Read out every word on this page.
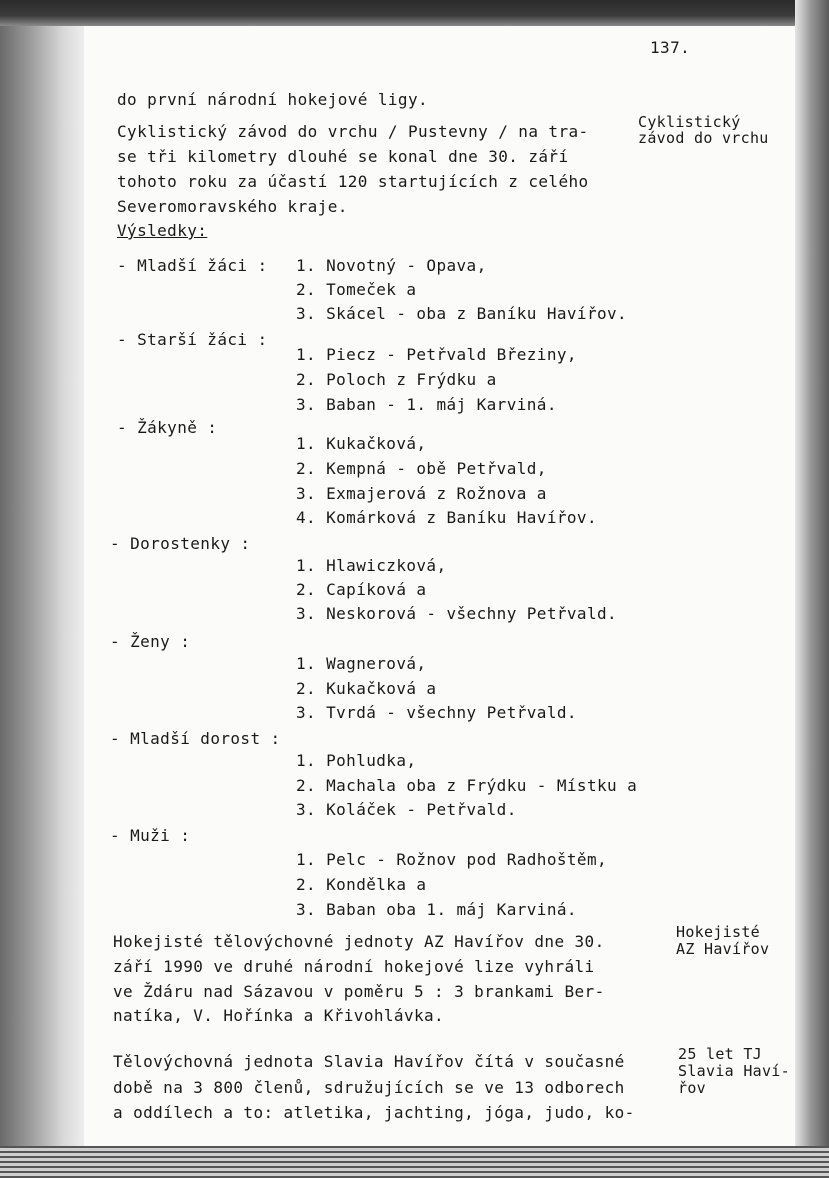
137.
do první národní hokejové ligy.
Cyklistický závod do vrchu / Pustevny / na tra-
se tři kilometry dlouhé se konal dne 30. září
tohoto roku za účastí 120 startujících z celého
Severomoravského kraje.
Výsledky:
- Mladší žáci : 1. Novotný - Opava,
2. Tomeček a
3. Skácel - oba z Baníku Havířov.
- Starší žáci :
1. Piecz - Petřvald Březiny,
2. Poloch z Frýdku a
3. Baban - 1. máj Karviná.
- Žákyně :
1. Kukačková,
2. Kempná - obě Petřvald,
3. Exmajerová z Rožnova a
4. Komárková z Baníku Havířov.
- Dorostenky :
1. Hlawiczková,
2. Capíková a
3. Neskorová - všechny Petřvald.
- Ženy :
1. Wagnerová,
2. Kukačková a
3. Tvrdá - všechny Petřvald.
- Mladší dorost :
1. Pohludka,
2. Machala oba z Frýdku - Místku a
3. Koláček - Petřvald.
- Muži :
1. Pelc - Rožnov pod Radhoštěm,
2. Kondělka a
3. Baban oba 1. máj Karviná.
Hokejisté tělovýchovné jednoty AZ Havířov dne 30.
září 1990 ve druhé národní hokejové lize vyhráli
ve Ždáru nad Sázavou v poměru 5 : 3 brankami Ber-
natíka, V. Hořínka a Křivohlávka.
Tělovýchovná jednota Slavia Havířov čítá v současné
době na 3 800 členů, sdružujících se ve 13 odborech
a oddílech a to: atletika, jachting, jóga, judo, ko-
Cyklistický
závod do vrchu
Hokejisté
AZ Havířov
25 let TJ
Slavia Haví-
řov
